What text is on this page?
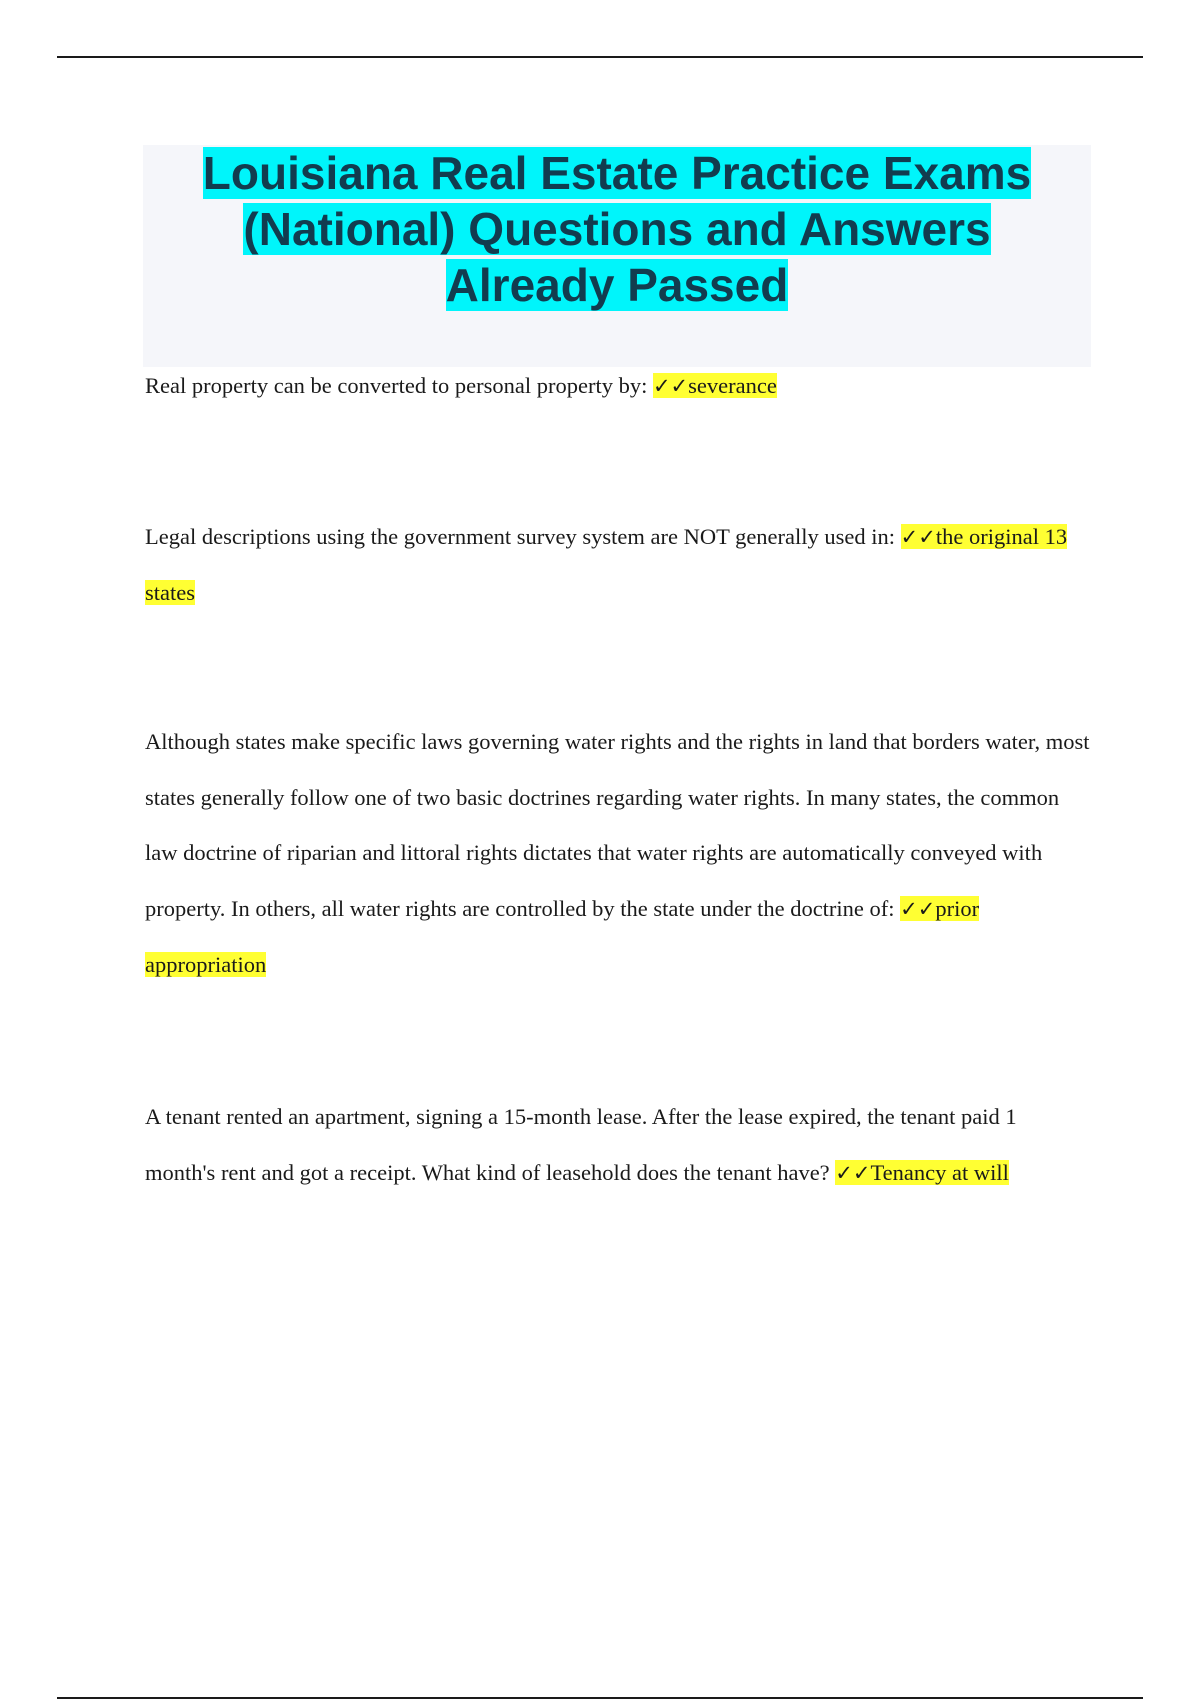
Louisiana Real Estate Practice Exams
(National) Questions and Answers
Already Passed

Real property can be converted to personal property by: ✓✓severance

Legal descriptions using the government survey system are NOT generally used in: ✓✓the original 13 states

Although states make specific laws governing water rights and the rights in land that borders water, most states generally follow one of two basic doctrines regarding water rights. In many states, the common law doctrine of riparian and littoral rights dictates that water rights are automatically conveyed with property. In others, all water rights are controlled by the state under the doctrine of: ✓✓prior appropriation

A tenant rented an apartment, signing a 15-month lease. After the lease expired, the tenant paid 1 month's rent and got a receipt. What kind of leasehold does the tenant have? ✓✓Tenancy at will
